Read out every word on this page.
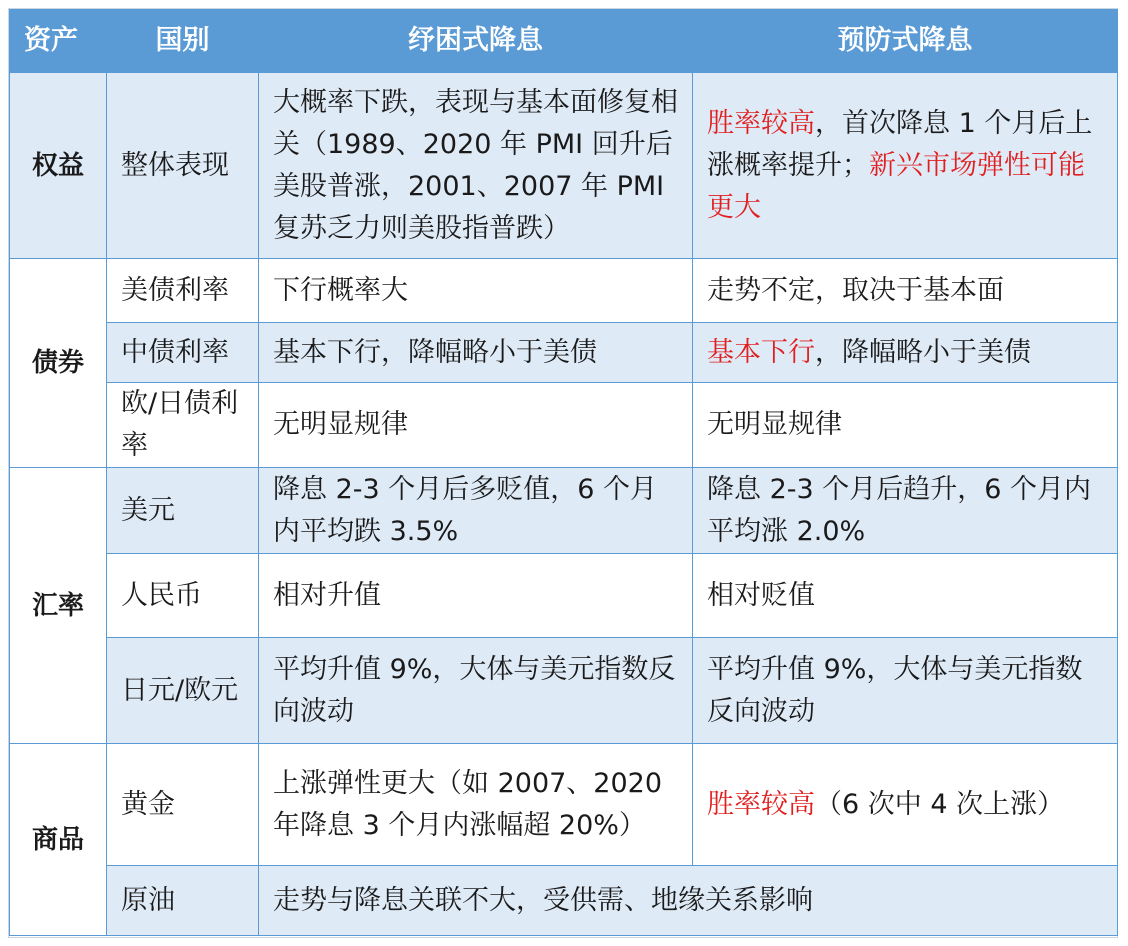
资产	国别	纾困式降息	预防式降息
权益	整体表现	大概率下跌，表现与基本面修复相关（1989、2020 年 PMI 回升后美股普涨，2001、2007 年 PMI 复苏乏力则美股指普跌）	胜率较高，首次降息 1 个月后上涨概率提升；新兴市场弹性可能更大
债券	美债利率	下行概率大	走势不定，取决于基本面
	中债利率	基本下行，降幅略小于美债	基本下行，降幅略小于美债
	欧/日债利率	无明显规律	无明显规律
汇率	美元	降息 2-3 个月后多贬值，6 个月内平均跌 3.5%	降息 2-3 个月后趋升，6 个月内平均涨 2.0%
	人民币	相对升值	相对贬值
	日元/欧元	平均升值 9%，大体与美元指数反向波动	平均升值 9%，大体与美元指数反向波动
商品	黄金	上涨弹性更大（如 2007、2020 年降息 3 个月内涨幅超 20%）	胜率较高（6 次中 4 次上涨）
	原油	走势与降息关联不大，受供需、地缘关系影响	
